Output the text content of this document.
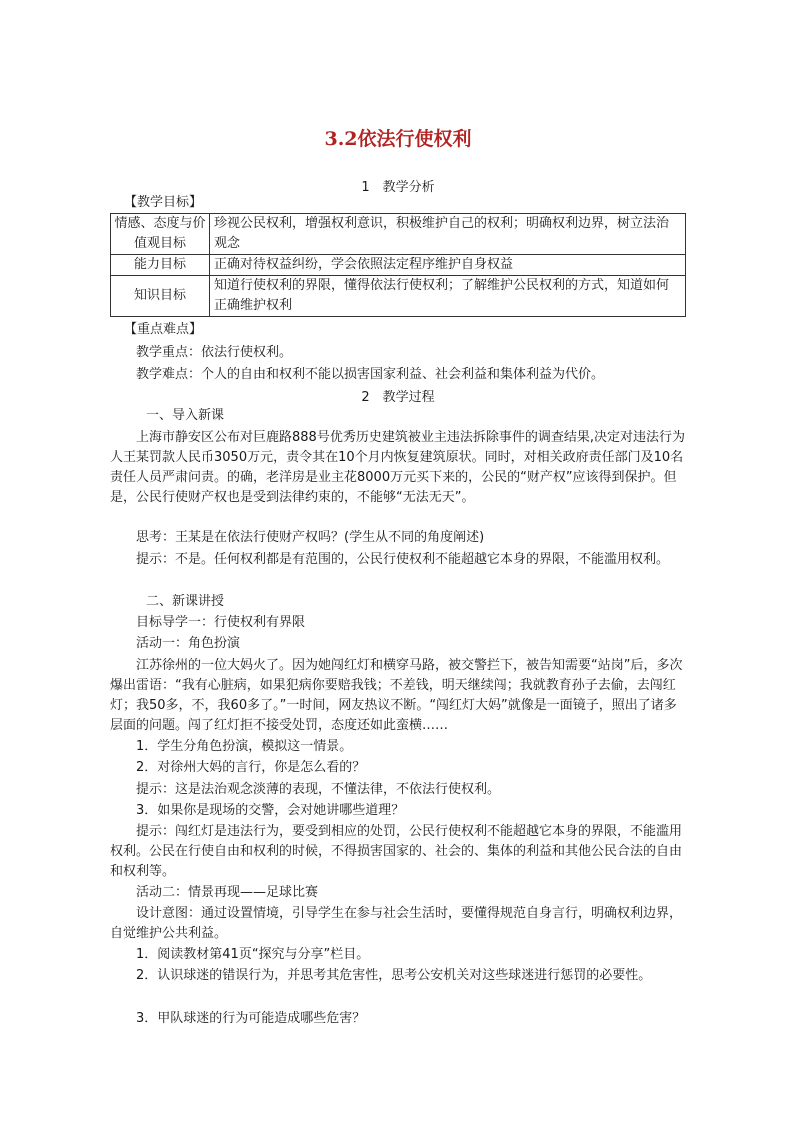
3.2依法行使权利
1　教学分析
【教学目标】
情感、态度与价值观目标	珍视公民权利，增强权利意识，积极维护自己的权利；明确权利边界，树立法治观念
能力目标	正确对待权益纠纷，学会依照法定程序维护自身权益
知识目标	知道行使权利的界限，懂得依法行使权利；了解维护公民权利的方式，知道如何正确维护权利
【重点难点】
教学重点：依法行使权利。
教学难点：个人的自由和权利不能以损害国家利益、社会利益和集体利益为代价。
2　教学过程
一、导入新课
上海市静安区公布对巨鹿路888号优秀历史建筑被业主违法拆除事件的调查结果,决定对违法行为人王某罚款人民币3050万元，责令其在10个月内恢复建筑原状。同时，对相关政府责任部门及10名责任人员严肃问责。的确，老洋房是业主花8000万元买下来的，公民的“财产权”应该得到保护。但是，公民行使财产权也是受到法律约束的，不能够“无法无天”。
思考：王某是在依法行使财产权吗？(学生从不同的角度阐述)
提示：不是。任何权利都是有范围的，公民行使权利不能超越它本身的界限，不能滥用权利。
二、新课讲授
目标导学一：行使权利有界限
活动一：角色扮演
江苏徐州的一位大妈火了。因为她闯红灯和横穿马路，被交警拦下，被告知需要“站岗”后，多次爆出雷语：“我有心脏病，如果犯病你要赔我钱；不差钱，明天继续闯；我就教育孙子去偷，去闯红灯；我50多，不，我60多了。”一时间，网友热议不断。“闯红灯大妈”就像是一面镜子，照出了诸多层面的问题。闯了红灯拒不接受处罚，态度还如此蛮横……
1．学生分角色扮演，模拟这一情景。
2．对徐州大妈的言行，你是怎么看的？
提示：这是法治观念淡薄的表现，不懂法律，不依法行使权利。
3．如果你是现场的交警，会对她讲哪些道理？
提示：闯红灯是违法行为，要受到相应的处罚，公民行使权利不能超越它本身的界限，不能滥用权利。公民在行使自由和权利的时候，不得损害国家的、社会的、集体的利益和其他公民合法的自由和权利等。
活动二：情景再现——足球比赛
设计意图：通过设置情境，引导学生在参与社会生活时，要懂得规范自身言行，明确权利边界，自觉维护公共利益。
1．阅读教材第41页“探究与分享”栏目。
2．认识球迷的错误行为，并思考其危害性，思考公安机关对这些球迷进行惩罚的必要性。
3．甲队球迷的行为可能造成哪些危害？
